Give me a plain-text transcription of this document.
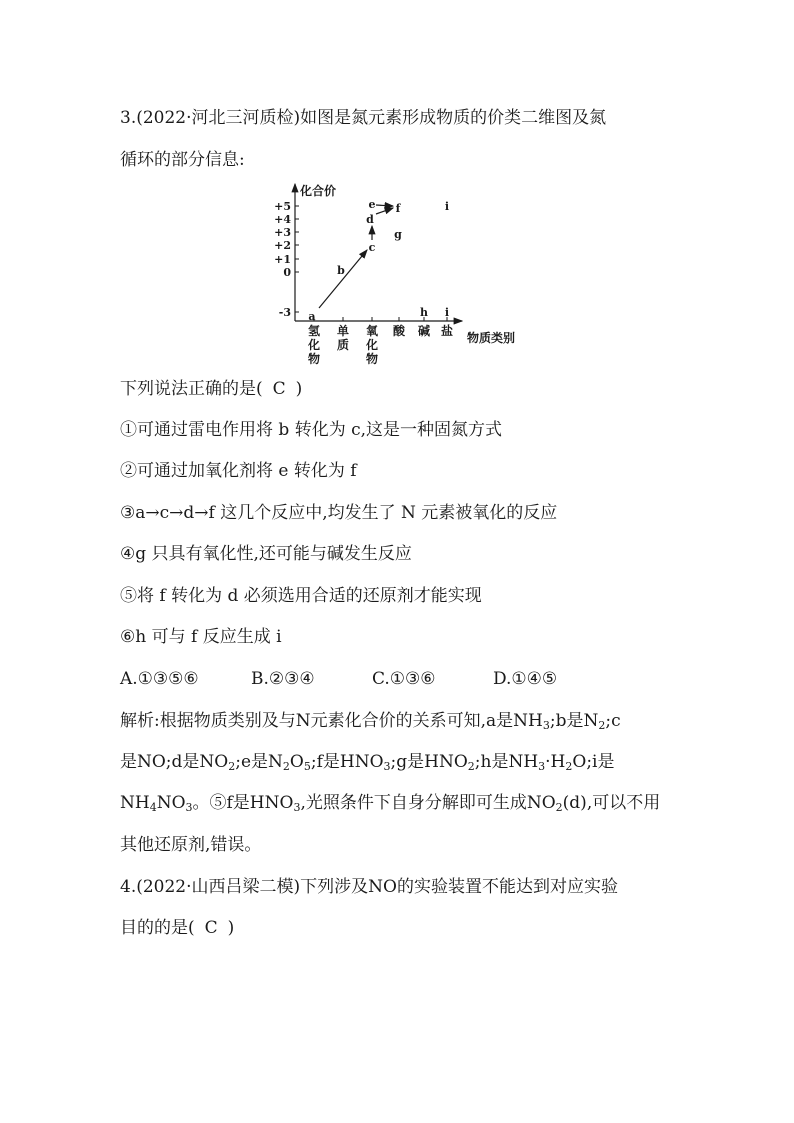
3.(2022·河北三河质检)如图是氮元素形成物质的价类二维图及氮
循环的部分信息:
化合价
物质类别
+5
+4
+3
+2
+1
0
-3
氢化物
单质
氧化物
酸 碱 盐
a
b
c
d
e f
g
h
i
i
下列说法正确的是( C )
①可通过雷电作用将 b 转化为 c,这是一种固氮方式
②可通过加氧化剂将 e 转化为 f
③a→c→d→f 这几个反应中,均发生了 N 元素被氧化的反应
④g 只具有氧化性,还可能与碱发生反应
⑤将 f 转化为 d 必须选用合适的还原剂才能实现
⑥h 可与 f 反应生成 i
A.①③⑤⑥	B.②③④	C.①③⑥	D.①④⑤
解析:根据物质类别及与N元素化合价的关系可知,a是$NH_3;b$是$N_2;c$
是NO;d是$NO_2;e$是$N_2O_5;f$是$HNO_3;g$是$HNO_2;h$是$NH_3\cdot H_2O;i$是
$NH_4NO_3$。⑤f是$HNO_3$,光照条件下自身分解即可生成$NO_2(d)$,可以不用
其他还原剂,错误。
4.(2022·山西吕梁二模)下列涉及NO的实验装置不能达到对应实验
目的的是( C )
